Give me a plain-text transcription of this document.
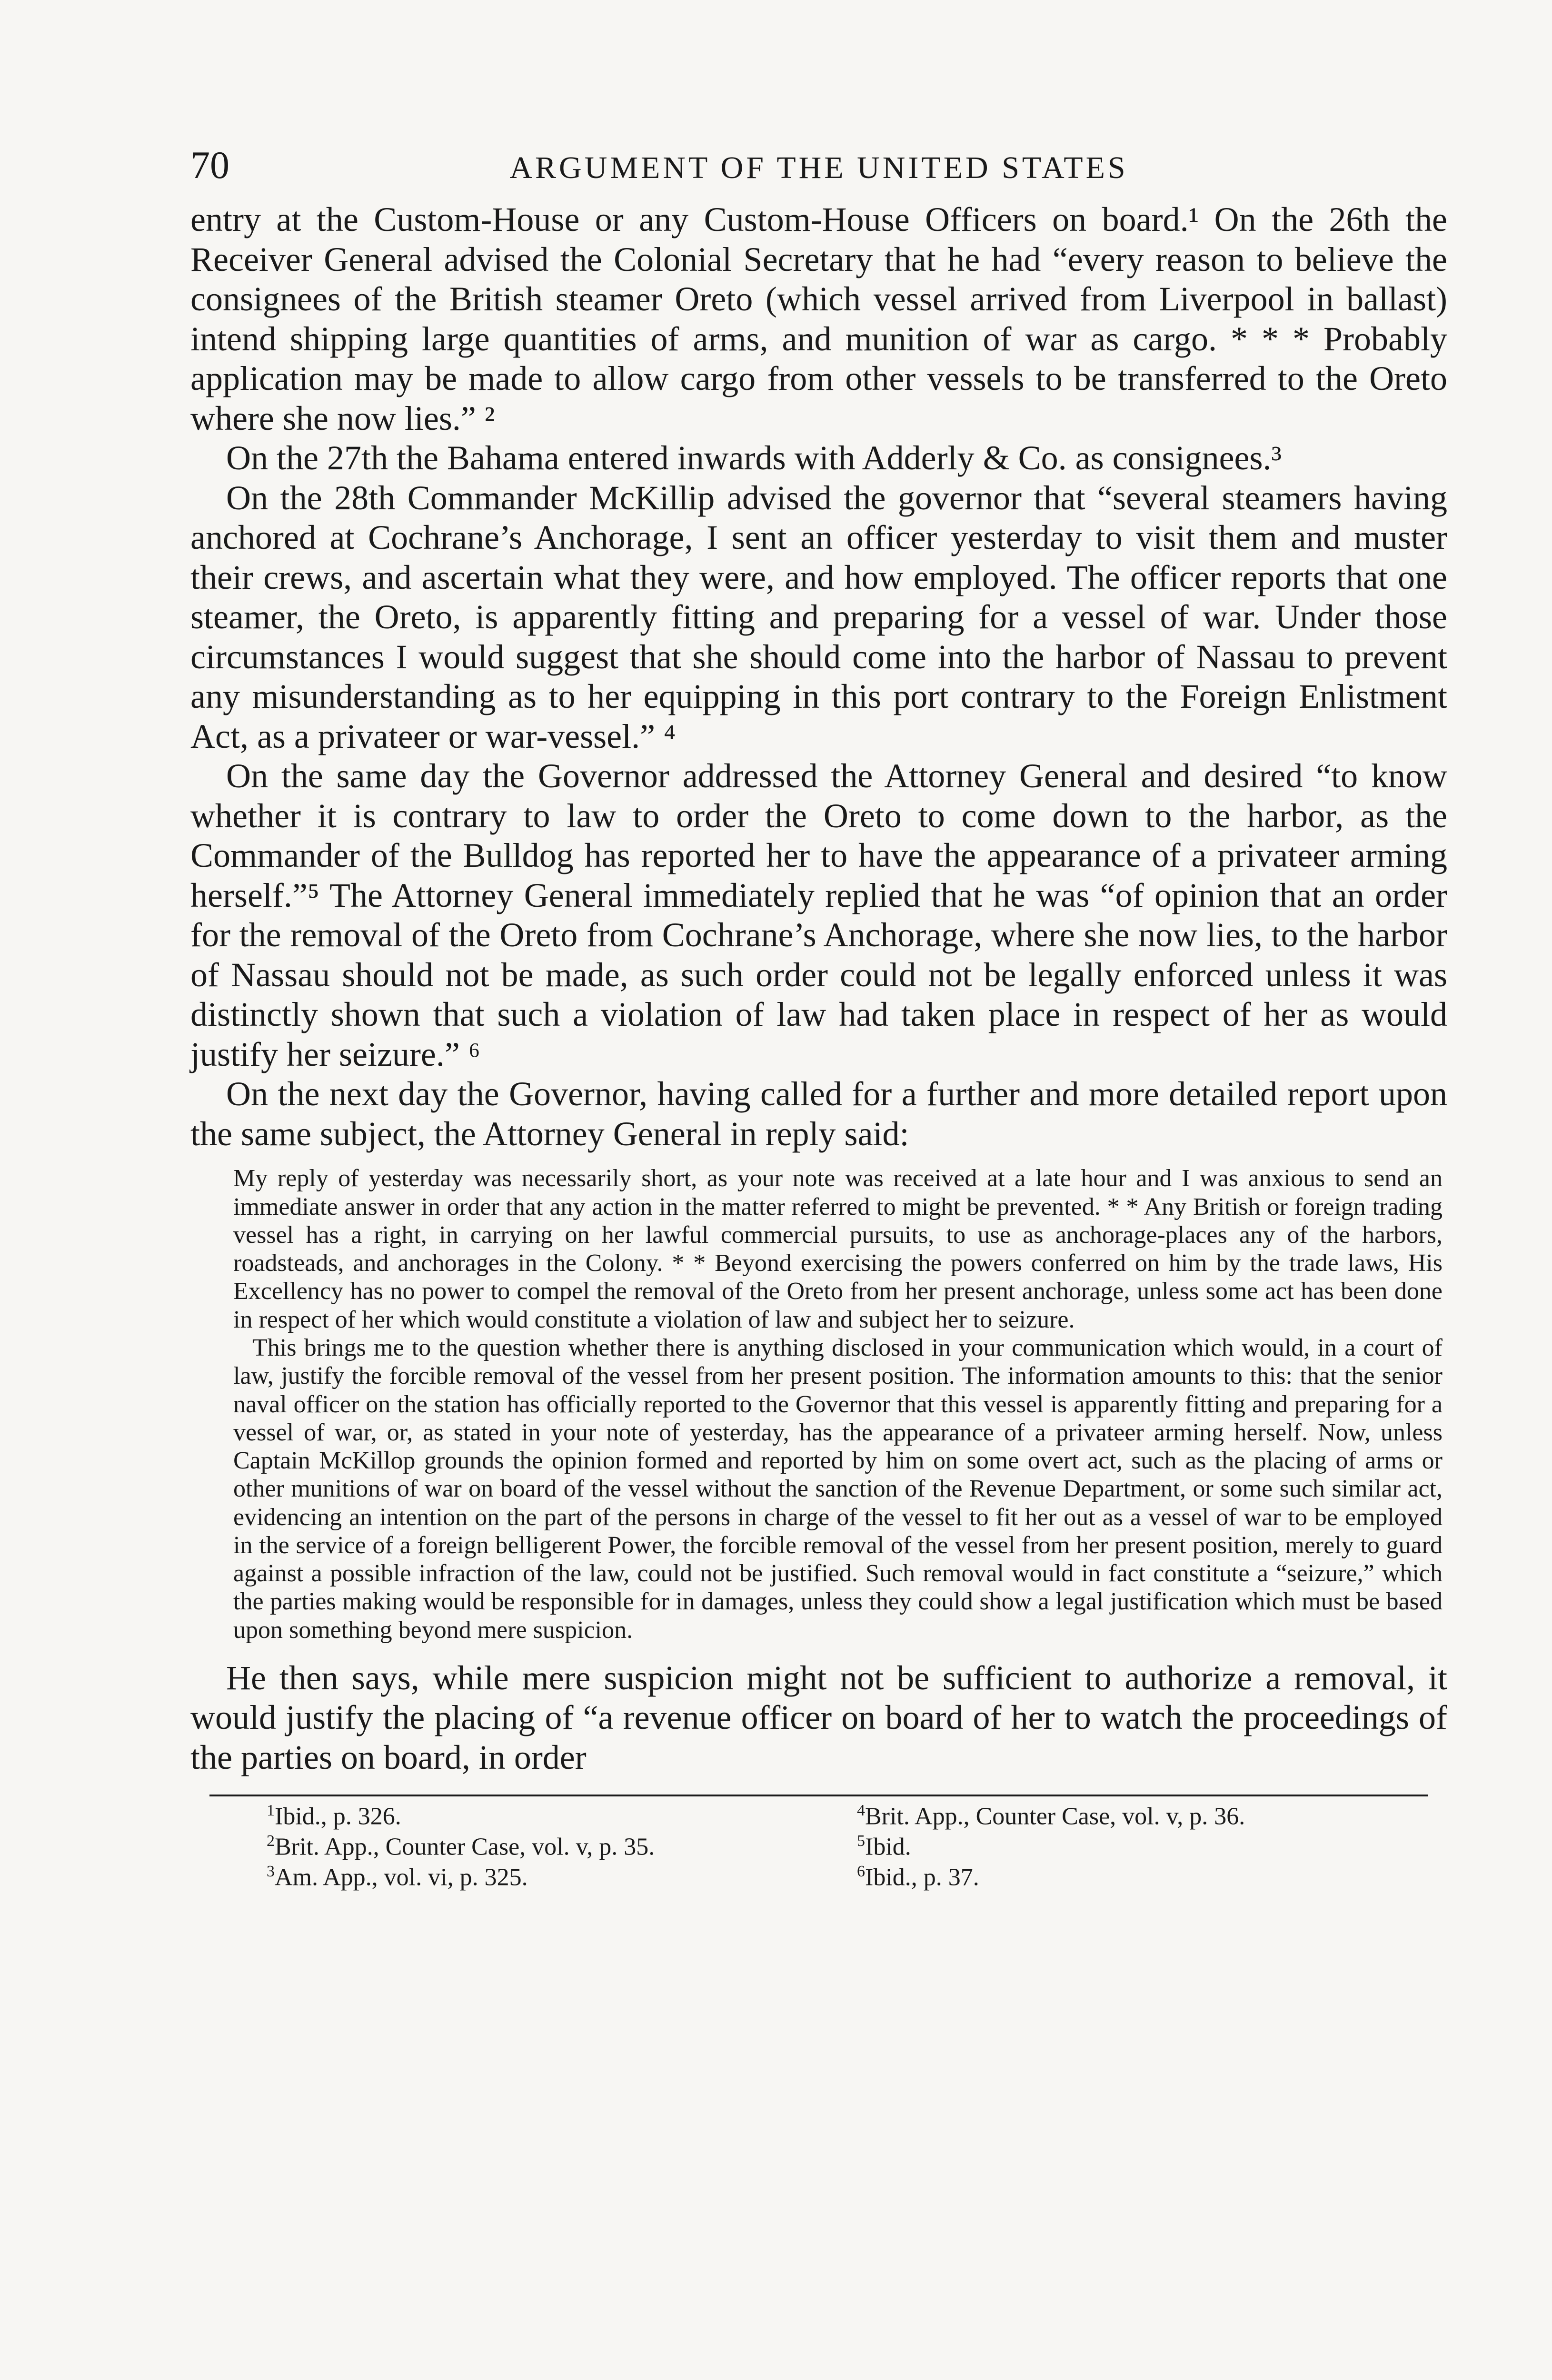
70	ARGUMENT OF THE UNITED STATES

entry at the Custom-House or any Custom-House Officers on board.¹ On the 26th the Receiver General advised the Colonial Secretary that he had “every reason to believe the consignees of the British steamer Oreto (which vessel arrived from Liverpool in ballast) intend shipping large quantities of arms, and munition of war as cargo. * * * Probably application may be made to allow cargo from other vessels to be transferred to the Oreto where she now lies.” ²

On the 27th the Bahama entered inwards with Adderly & Co. as consignees.³

On the 28th Commander McKillip advised the governor that “several steamers having anchored at Cochrane’s Anchorage, I sent an officer yesterday to visit them and muster their crews, and ascertain what they were, and how employed. The officer reports that one steamer, the Oreto, is apparently fitting and preparing for a vessel of war. Under those circumstances I would suggest that she should come into the harbor of Nassau to prevent any misunderstanding as to her equipping in this port contrary to the Foreign Enlistment Act, as a privateer or war-vessel.” ⁴

On the same day the Governor addressed the Attorney General and desired “to know whether it is contrary to law to order the Oreto to come down to the harbor, as the Commander of the Bulldog has reported her to have the appearance of a privateer arming herself.”⁵ The Attorney General immediately replied that he was “of opinion that an order for the removal of the Oreto from Cochrane’s Anchorage, where she now lies, to the harbor of Nassau should not be made, as such order could not be legally enforced unless it was distinctly shown that such a violation of law had taken place in respect of her as would justify her seizure.” ⁶

On the next day the Governor, having called for a further and more detailed report upon the same subject, the Attorney General in reply said:

My reply of yesterday was necessarily short, as your note was received at a late hour and I was anxious to send an immediate answer in order that any action in the matter referred to might be prevented. * * Any British or foreign trading vessel has a right, in carrying on her lawful commercial pursuits, to use as anchorage-places any of the harbors, roadsteads, and anchorages in the Colony. * * Beyond exercising the powers conferred on him by the trade laws, His Excellency has no power to compel the removal of the Oreto from her present anchorage, unless some act has been done in respect of her which would constitute a violation of law and subject her to seizure.

This brings me to the question whether there is anything disclosed in your communication which would, in a court of law, justify the forcible removal of the vessel from her present position. The information amounts to this: that the senior naval officer on the station has officially reported to the Governor that this vessel is apparently fitting and preparing for a vessel of war, or, as stated in your note of yesterday, has the appearance of a privateer arming herself. Now, unless Captain McKillop grounds the opinion formed and reported by him on some overt act, such as the placing of arms or other munitions of war on board of the vessel without the sanction of the Revenue Department, or some such similar act, evidencing an intention on the part of the persons in charge of the vessel to fit her out as a vessel of war to be employed in the service of a foreign belligerent Power, the forcible removal of the vessel from her present position, merely to guard against a possible infraction of the law, could not be justified. Such removal would in fact constitute a “seizure,” which the parties making would be responsible for in damages, unless they could show a legal justification which must be based upon something beyond mere suspicion.

He then says, while mere suspicion might not be sufficient to authorize a removal, it would justify the placing of “a revenue officer on board of her to watch the proceedings of the parties on board, in order

$^1$Ibid., p. 326.
$^2$Brit. App., Counter Case, vol. v, p. 35.
$^3$Am. App., vol. vi, p. 325.
$^4$Brit. App., Counter Case, vol. v, p. 36.
$^5$Ibid.
$^6$Ibid., p. 37.
